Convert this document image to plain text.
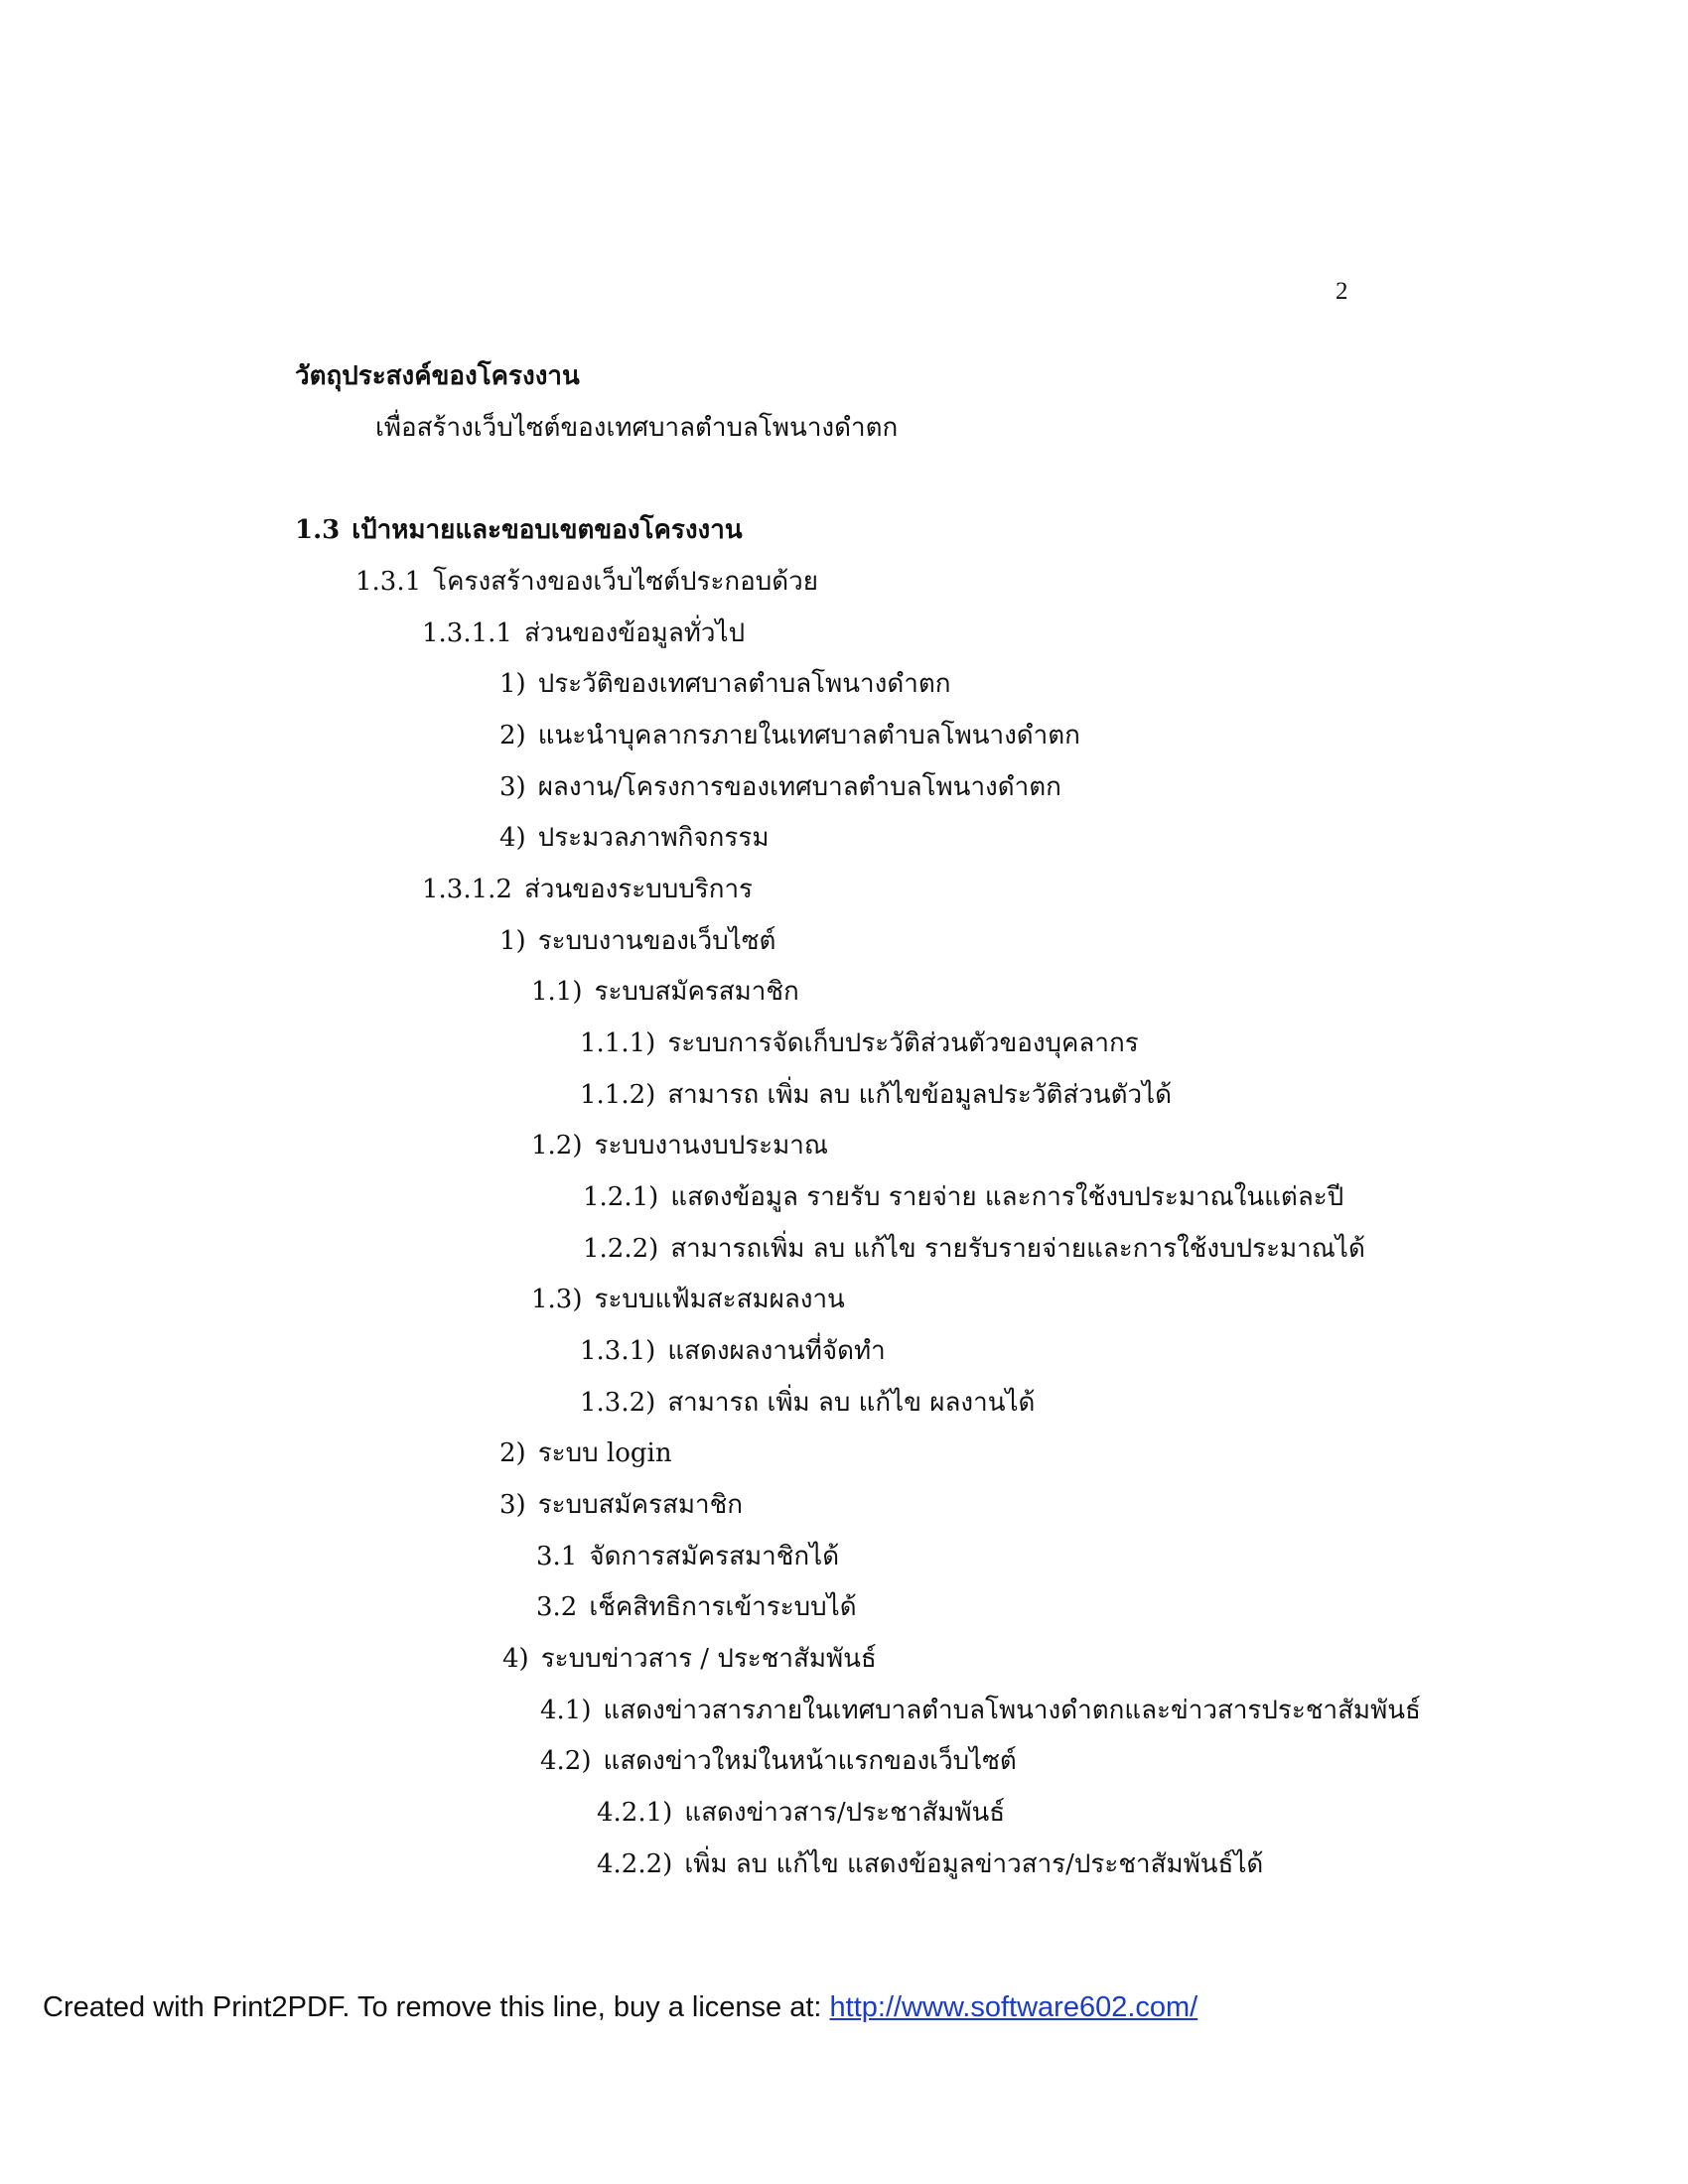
2
วัตถุประสงค์ของโครงงาน
เพื่อสร้างเว็บไซต์ของเทศบาลตำบลโพนางดำตก
1.3 เป้าหมายและขอบเขตของโครงงาน
1.3.1 โครงสร้างของเว็บไซต์ประกอบด้วย
1.3.1.1 ส่วนของข้อมูลทั่วไป
1) ประวัติของเทศบาลตำบลโพนางดำตก
2) แนะนำบุคลากรภายในเทศบาลตำบลโพนางดำตก
3) ผลงาน/โครงการของเทศบาลตำบลโพนางดำตก
4) ประมวลภาพกิจกรรม
1.3.1.2 ส่วนของระบบบริการ
1) ระบบงานของเว็บไซต์
1.1) ระบบสมัครสมาชิก
1.1.1) ระบบการจัดเก็บประวัติส่วนตัวของบุคลากร
1.1.2) สามารถ เพิ่ม ลบ แก้ไขข้อมูลประวัติส่วนตัวได้
1.2) ระบบงานงบประมาณ
1.2.1) แสดงข้อมูล รายรับ รายจ่าย และการใช้งบประมาณในแต่ละปี
1.2.2) สามารถเพิ่ม ลบ แก้ไข รายรับรายจ่ายและการใช้งบประมาณได้
1.3) ระบบแฟ้มสะสมผลงาน
1.3.1) แสดงผลงานที่จัดทำ
1.3.2) สามารถ เพิ่ม ลบ แก้ไข ผลงานได้
2) ระบบ login
3) ระบบสมัครสมาชิก
3.1 จัดการสมัครสมาชิกได้
3.2 เช็คสิทธิการเข้าระบบได้
4) ระบบข่าวสาร / ประชาสัมพันธ์
4.1) แสดงข่าวสารภายในเทศบาลตำบลโพนางดำตกและข่าวสารประชาสัมพันธ์
4.2) แสดงข่าวใหม่ในหน้าแรกของเว็บไซต์
4.2.1) แสดงข่าวสาร/ประชาสัมพันธ์
4.2.2) เพิ่ม ลบ แก้ไข แสดงข้อมูลข่าวสาร/ประชาสัมพันธ์ได้
Created with Print2PDF. To remove this line, buy a license at: http://www.software602.com/
